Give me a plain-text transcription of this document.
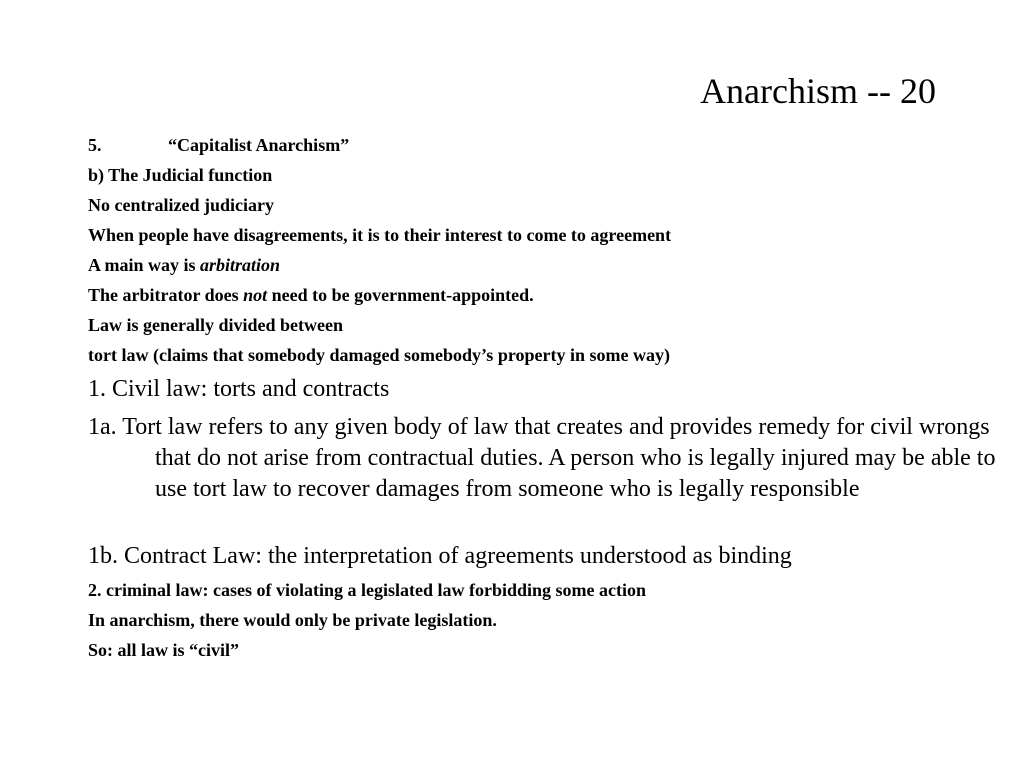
Anarchism -- 20
5.	“Capitalist Anarchism”
b) The Judicial function
No centralized judiciary
When people have disagreements, it is to their interest to come to agreement
A main way is arbitration
The arbitrator does not need to be government-appointed.
Law is generally divided between
tort law (claims that somebody damaged somebody’s property in some way)
1. Civil law: torts and contracts
1a. Tort law refers to any given body of law that creates and provides remedy for civil wrongs that do not arise from contractual duties. A person who is legally injured may be able to use tort law to recover damages from someone who is legally responsible
1b. Contract Law: the interpretation of agreements understood as binding
2. criminal law: cases of violating a legislated law forbidding some action
In anarchism, there would only be private legislation.
So: all law is “civil”
